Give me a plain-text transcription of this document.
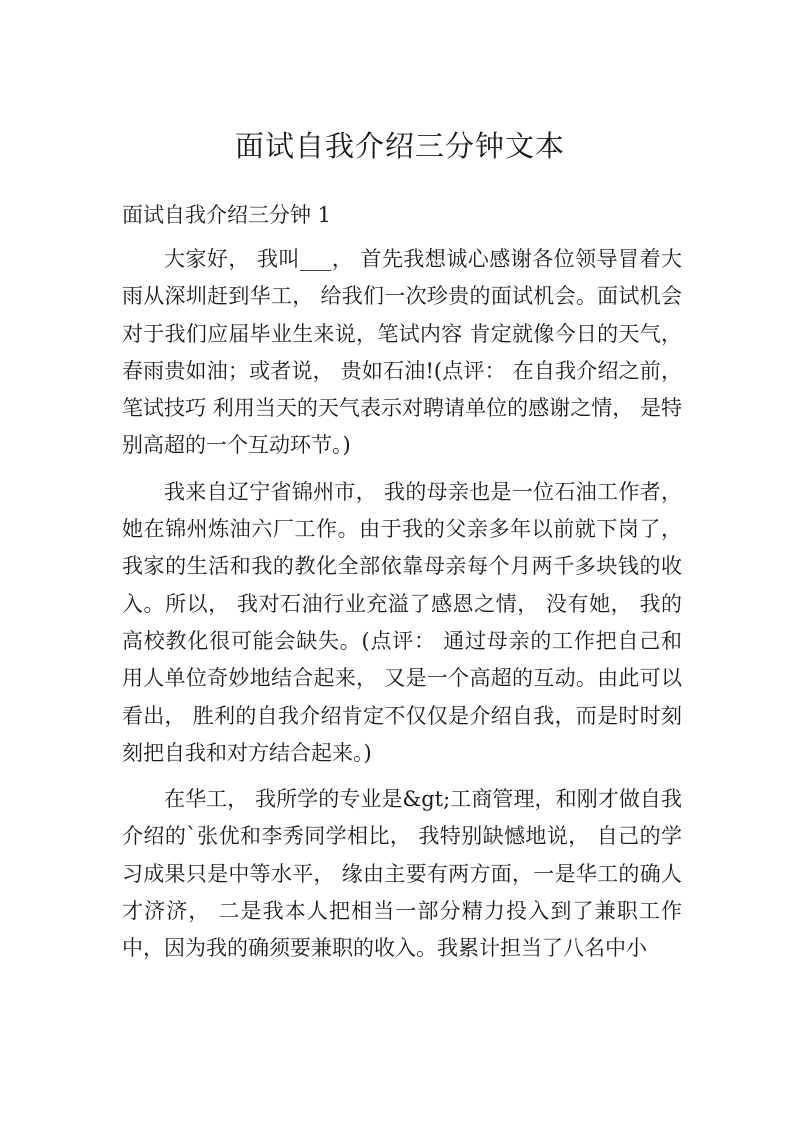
面试自我介绍三分钟文本
面试自我介绍三分钟 1

大家好， 我叫___， 首先我想诚心感谢各位领导冒着大雨从深圳赶到华工， 给我们一次珍贵的面试机会。面试机会对于我们应届毕业生来说，笔试内容 肯定就像今日的天气，春雨贵如油；或者说， 贵如石油!(点评： 在自我介绍之前，笔试技巧 利用当天的天气表示对聘请单位的感谢之情， 是特别高超的一个互动环节。)

我来自辽宁省锦州市， 我的母亲也是一位石油工作者，她在锦州炼油六厂工作。由于我的父亲多年以前就下岗了，我家的生活和我的教化全部依靠母亲每个月两千多块钱的收入。所以， 我对石油行业充溢了感恩之情， 没有她， 我的高校教化很可能会缺失。(点评： 通过母亲的工作把自己和用人单位奇妙地结合起来， 又是一个高超的互动。由此可以看出， 胜利的自我介绍肯定不仅仅是介绍自我，而是时时刻刻把自我和对方结合起来。)

在华工， 我所学的专业是&gt;工商管理，和刚才做自我介绍的`张优和李秀同学相比， 我特别缺憾地说， 自己的学习成果只是中等水平， 缘由主要有两方面，一是华工的确人才济济， 二是我本人把相当一部分精力投入到了兼职工作中，因为我的确须要兼职的收入。我累计担当了八名中小
